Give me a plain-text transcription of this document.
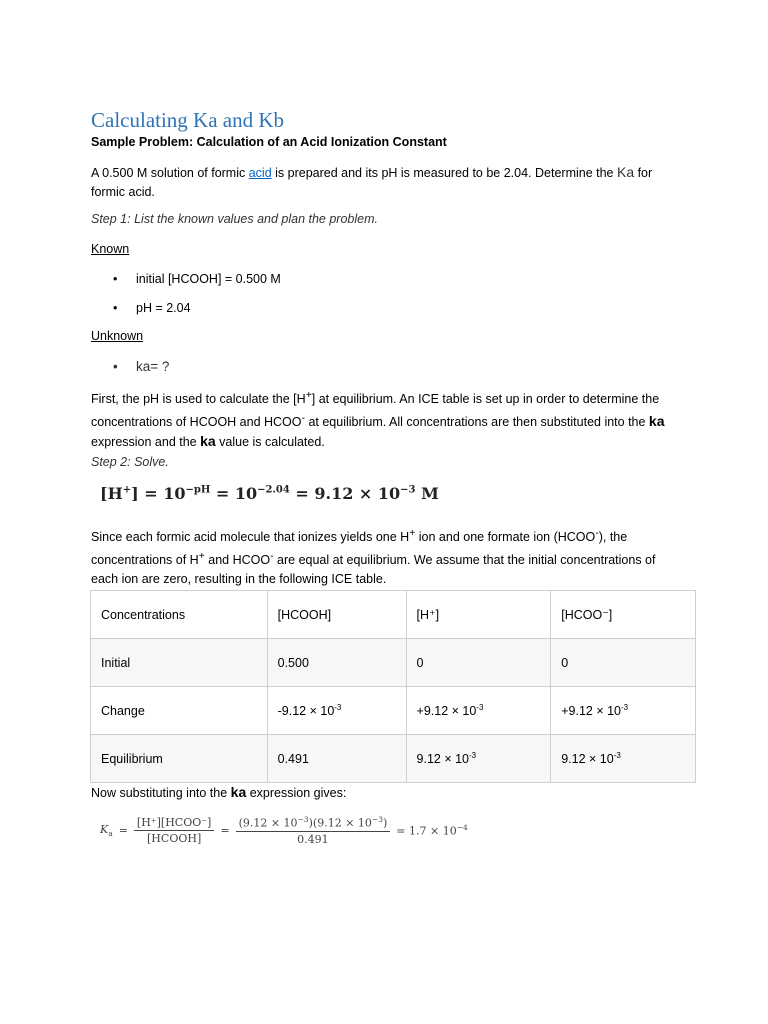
Calculating Ka and Kb
Sample Problem: Calculation of an Acid Ionization Constant
A 0.500 M solution of formic acid is prepared and its pH is measured to be 2.04. Determine the Ka for formic acid.
Step 1: List the known values and plan the problem.
Known
• initial [HCOOH] = 0.500 M
• pH = 2.04
Unknown
• ka= ?
First, the pH is used to calculate the [H+] at equilibrium. An ICE table is set up in order to determine the concentrations of HCOOH and HCOO- at equilibrium. All concentrations are then substituted into the ka expression and the ka value is calculated.
Step 2: Solve.
$[H^+] = 10^{-pH} = 10^{-2.04} = 9.12 \times 10^{-3}$ M
Since each formic acid molecule that ionizes yields one H+ ion and one formate ion (HCOO-), the concentrations of H+ and HCOO- are equal at equilibrium. We assume that the initial concentrations of each ion are zero, resulting in the following ICE table.
Concentrations	[HCOOH]	[H⁺]	[HCOO⁻]
Initial	0.500	0	0
Change	$-9.12 \times 10^{-3}$	$+9.12 \times 10^{-3}$	$+9.12 \times 10^{-3}$
Equilibrium	0.491	$9.12 \times 10^{-3}$	$9.12 \times 10^{-3}$
Now substituting into the ka expression gives:
$K_a = \frac{\text{[H⁺][HCOO⁻]}}{\text{[HCOOH]}} = \frac{(9.12 \times 10^{-3})(9.12 \times 10^{-3})}{0.491} = 1.7 \times 10^{-4}$
